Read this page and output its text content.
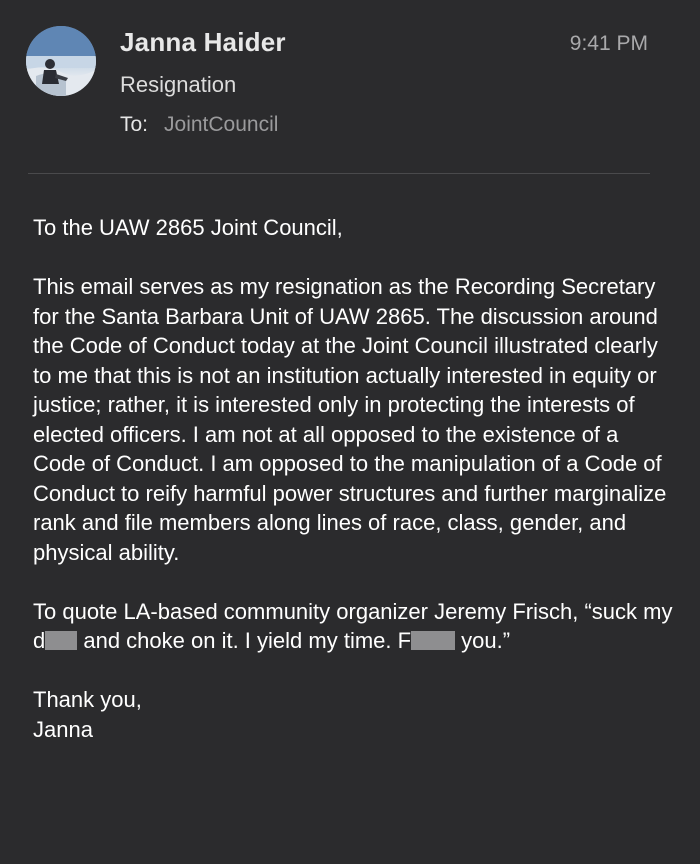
Janna Haider	9:41 PM
Resignation
To: JointCouncil

To the UAW 2865 Joint Council,

This email serves as my resignation as the Recording Secretary for the Santa Barbara Unit of UAW 2865. The discussion around the Code of Conduct today at the Joint Council illustrated clearly to me that this is not an institution actually interested in equity or justice; rather, it is interested only in protecting the interests of elected officers. I am not at all opposed to the existence of a Code of Conduct. I am opposed to the manipulation of a Code of Conduct to reify harmful power structures and further marginalize rank and file members along lines of race, class, gender, and physical ability.

To quote LA-based community organizer Jeremy Frisch, “suck my d and choke on it. I yield my time. F you.”

Thank you,
Janna
